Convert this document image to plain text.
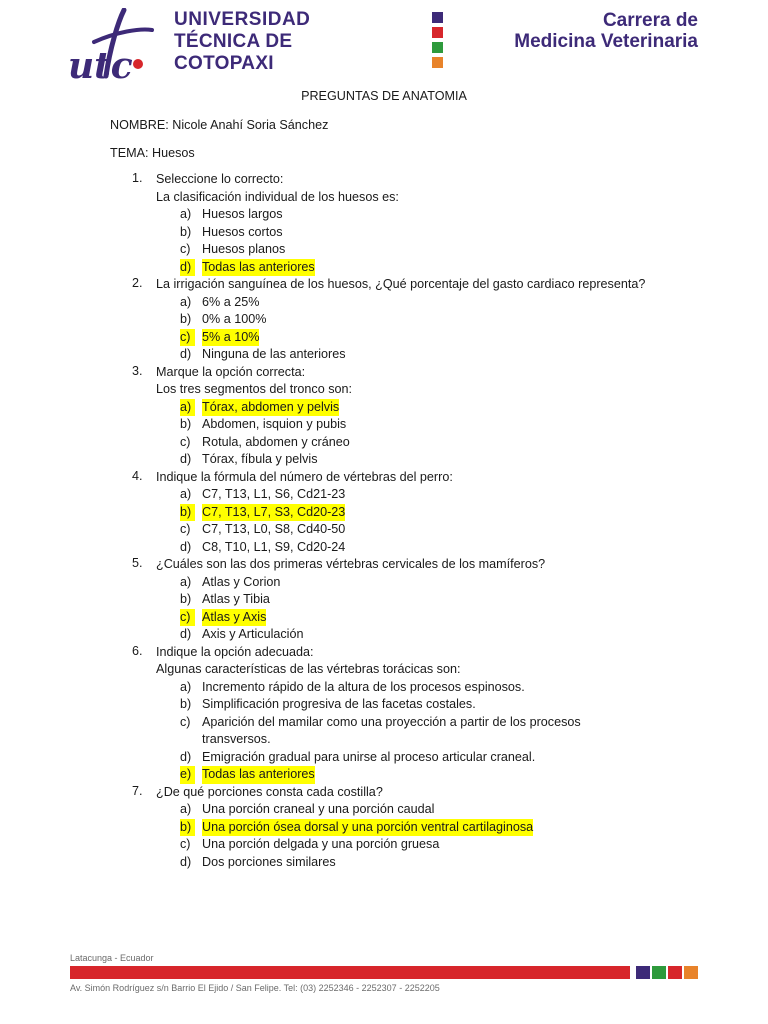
utc
UNIVERSIDAD
TÉCNICA DE
COTOPAXI
Carrera de
Medicina Veterinaria
PREGUNTAS DE ANATOMIA
NOMBRE: Nicole Anahí Soria Sánchez
TEMA: Huesos
1. Seleccione lo correcto:
La clasificación individual de los huesos es:
a) Huesos largos
b) Huesos cortos
c) Huesos planos
d) Todas las anteriores
2. La irrigación sanguínea de los huesos, ¿Qué porcentaje del gasto cardiaco representa?
a) 6% a 25%
b) 0% a 100%
c) 5% a 10%
d) Ninguna de las anteriores
3. Marque la opción correcta:
Los tres segmentos del tronco son:
a) Tórax, abdomen y pelvis
b) Abdomen, isquion y pubis
c) Rotula, abdomen y cráneo
d) Tórax, fíbula y pelvis
4. Indique la fórmula del número de vértebras del perro:
a) C7, T13, L1, S6, Cd21-23
b) C7, T13, L7, S3, Cd20-23
c) C7, T13, L0, S8, Cd40-50
d) C8, T10, L1, S9, Cd20-24
5. ¿Cuáles son las dos primeras vértebras cervicales de los mamíferos?
a) Atlas y Corion
b) Atlas y Tibia
c) Atlas y Axis
d) Axis y Articulación
6. Indique la opción adecuada:
Algunas características de las vértebras torácicas son:
a) Incremento rápido de la altura de los procesos espinosos.
b) Simplificación progresiva de las facetas costales.
c) Aparición del mamilar como una proyección a partir de los procesos transversos.
d) Emigración gradual para unirse al proceso articular craneal.
e) Todas las anteriores
7. ¿De qué porciones consta cada costilla?
a) Una porción craneal y una porción caudal
b) Una porción ósea dorsal y una porción ventral cartilaginosa
c) Una porción delgada y una porción gruesa
d) Dos porciones similares
Latacunga - Ecuador
Av. Simón Rodríguez s/n Barrio El Ejido / San Felipe. Tel: (03) 2252346 - 2252307 - 2252205
